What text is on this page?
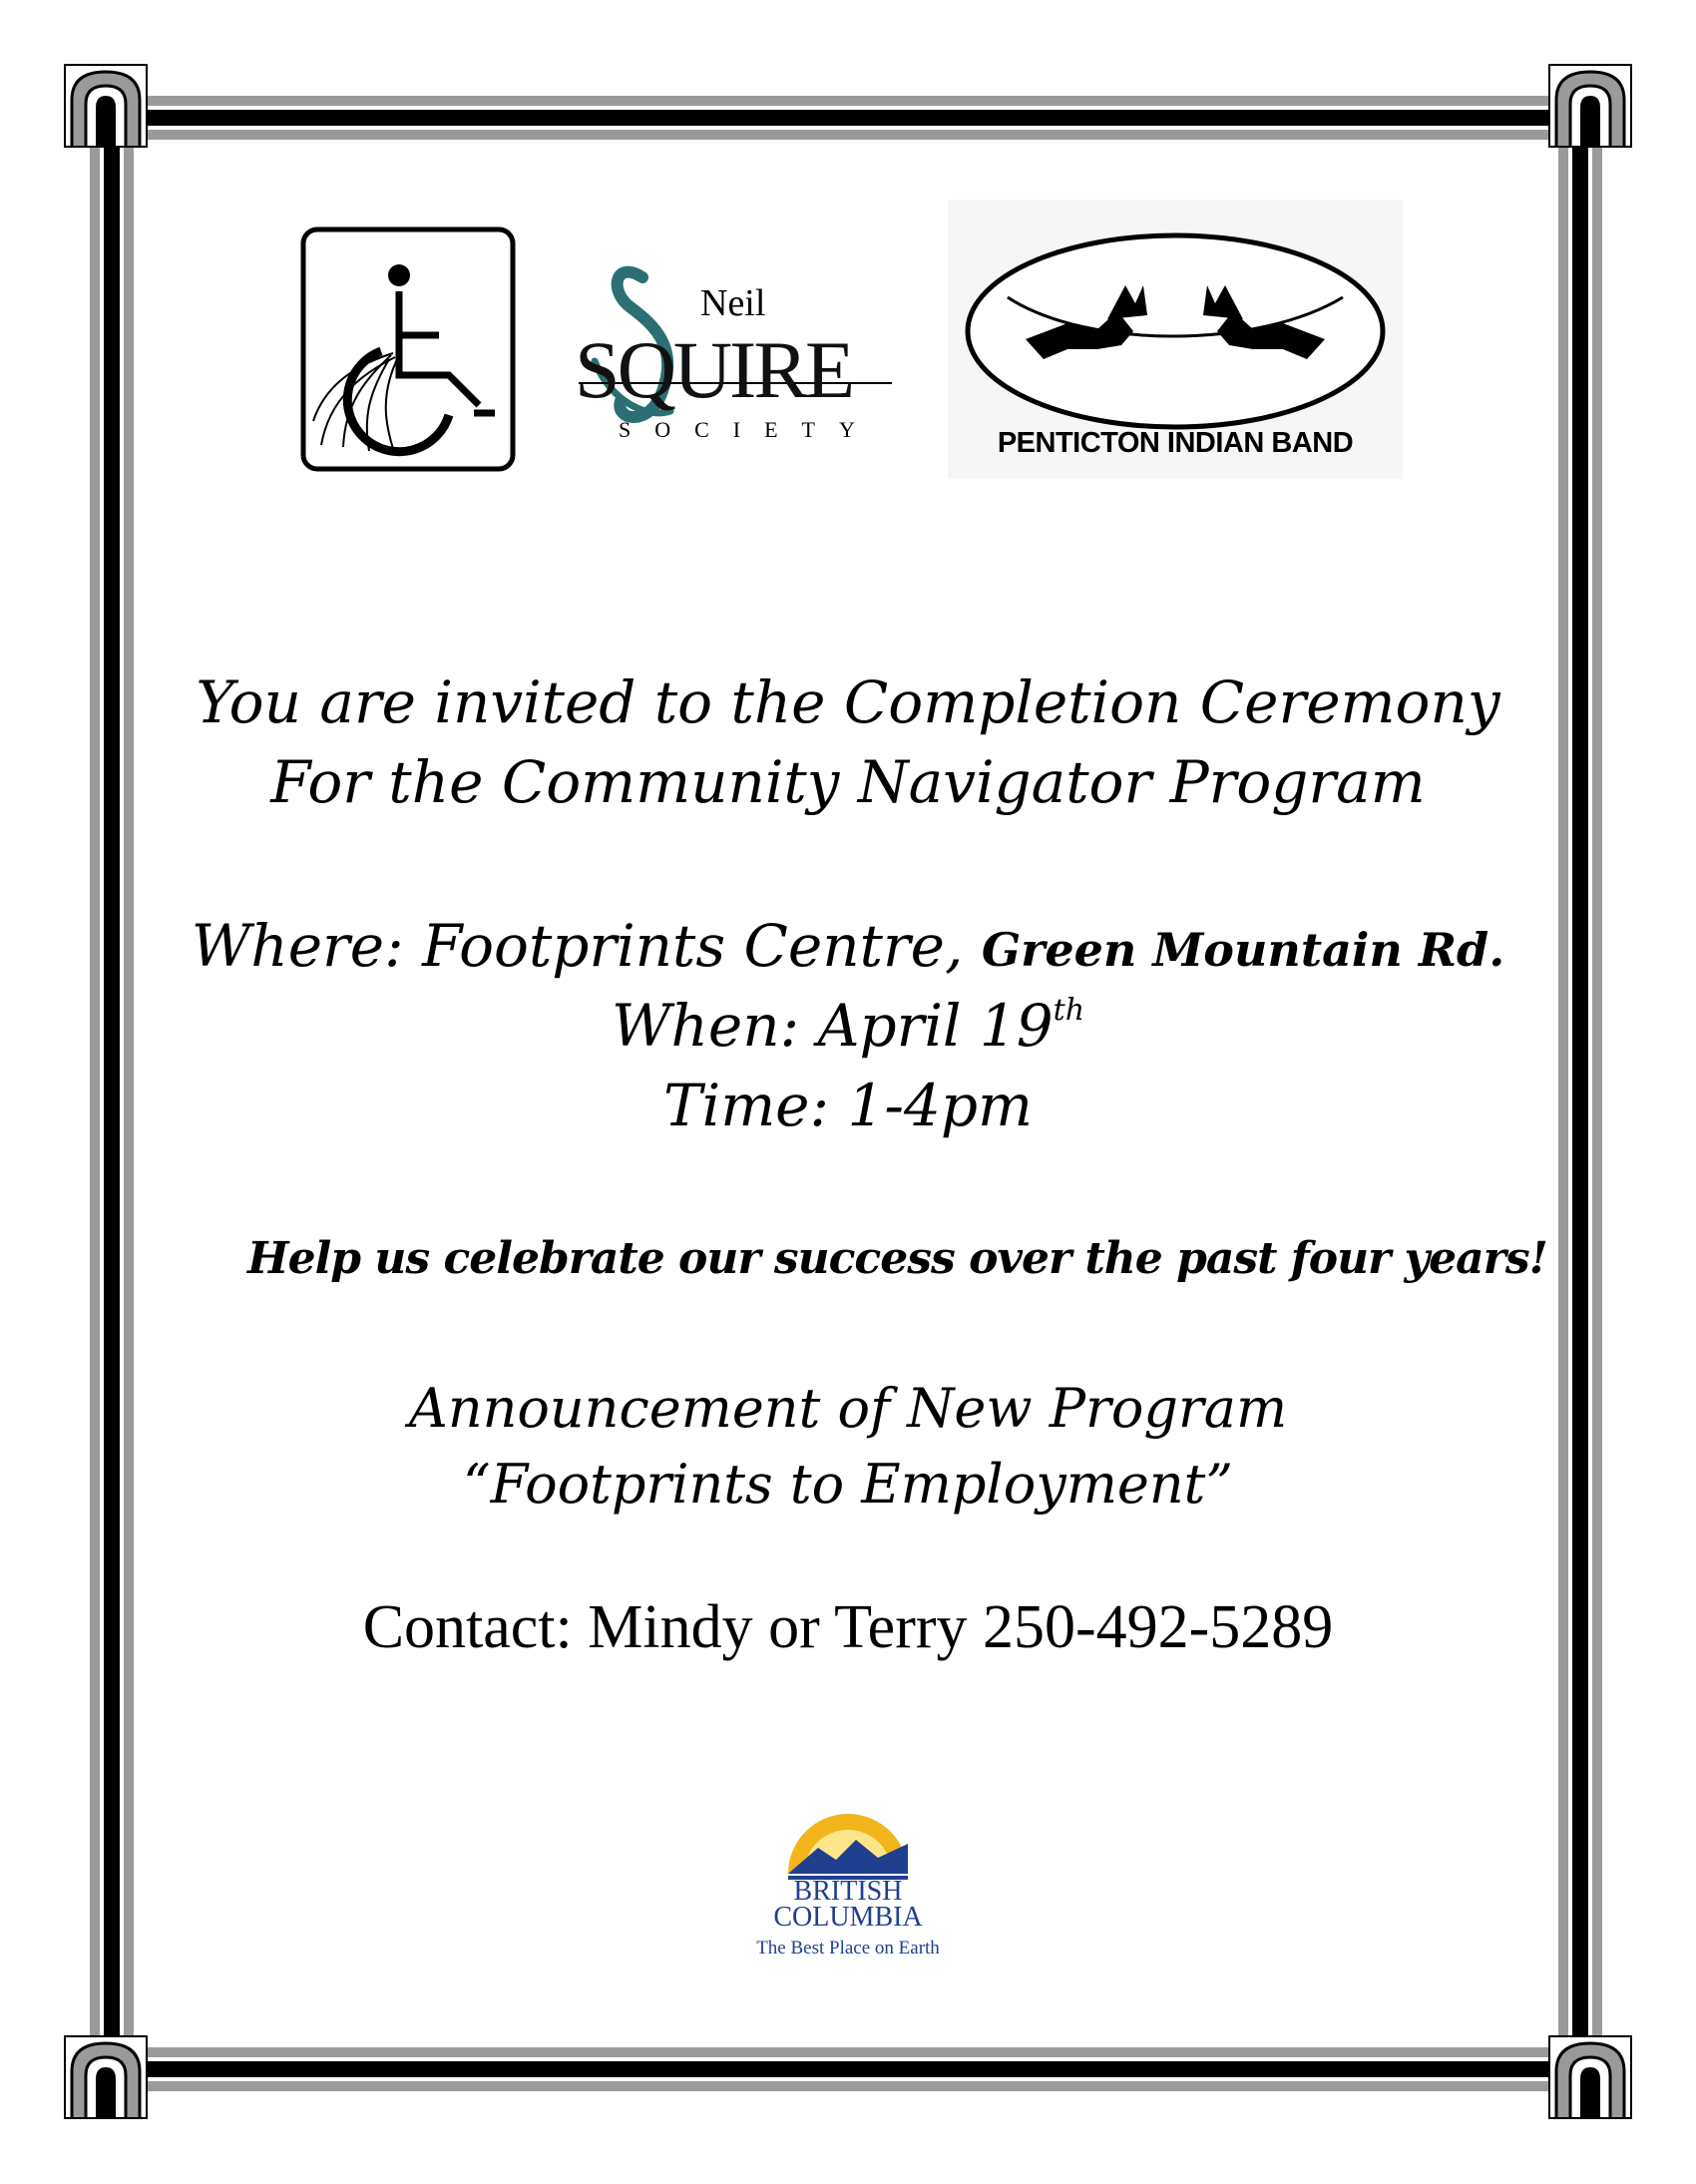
Neil
SQUIRE
SOCIETY	PENTICTON INDIAN BAND
You are invited to the Completion Ceremony
For the Community Navigator Program
Where: Footprints Centre, Green Mountain Rd.
When: April 19th
Time: 1-4pm
Help us celebrate our success over the past four years!
Announcement of New Program
“Footprints to Employment”
Contact: Mindy or Terry 250-492-5289
BRITISH
COLUMBIA
The Best Place on Earth
